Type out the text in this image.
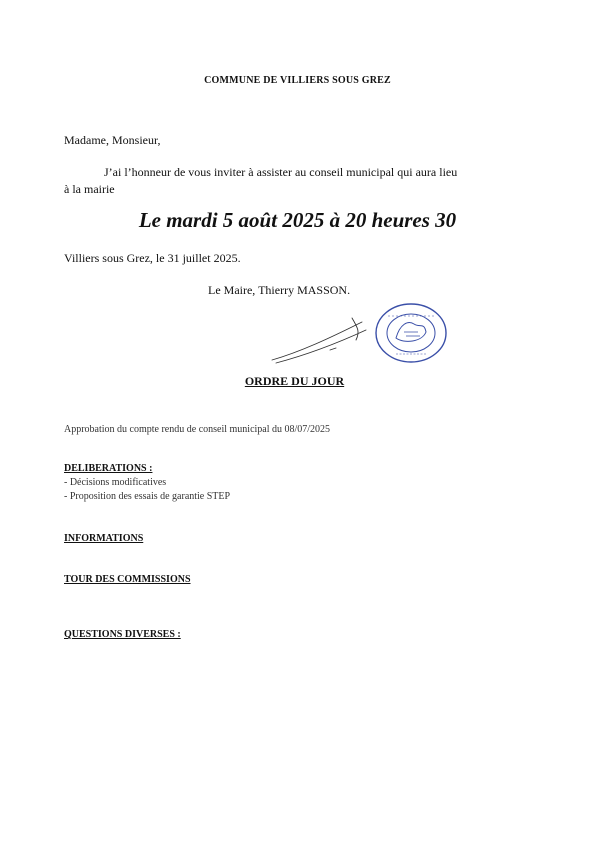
COMMUNE DE VILLIERS SOUS GREZ
Madame, Monsieur,
J’ai l’honneur de vous inviter à assister au conseil municipal qui aura lieu
à la mairie
Le mardi 5 août 2025 à 20 heures 30
Villiers sous Grez, le 31 juillet 2025.
Le Maire, Thierry MASSON.
ORDRE DU JOUR
Approbation du compte rendu de conseil municipal du 08/07/2025
DELIBERATIONS :
- Décisions modificatives
- Proposition des essais de garantie STEP
INFORMATIONS
TOUR DES COMMISSIONS
QUESTIONS DIVERSES :
